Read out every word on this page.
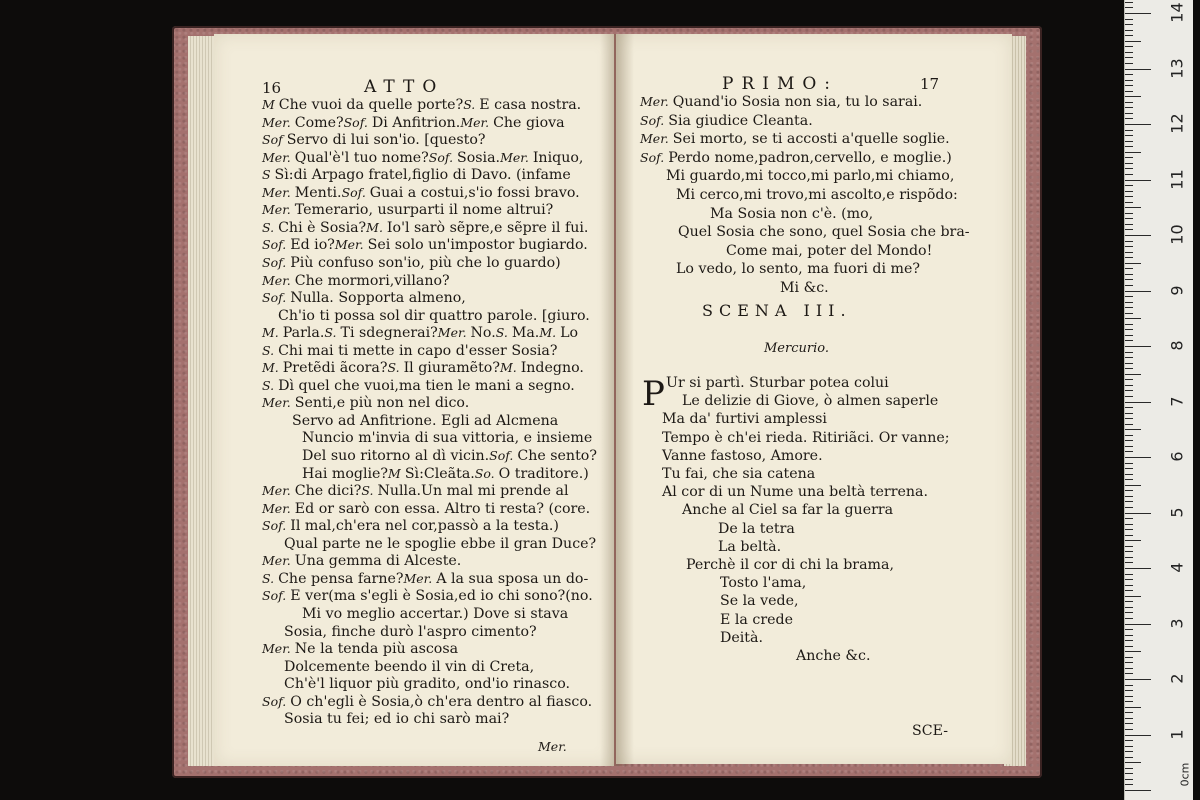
16	ATTO
M Che vuoi da quelle porte?S. E casa nostra.
Mer. Come?Sof. Di Anfitrion.Mer. Che giova
Sof Servo di lui son'io. [questo?
Mer. Qual'è'l tuo nome?Sof. Sosia.Mer. Iniquo,
S Sì:di Arpago fratel,figlio di Davo. (infame
Mer. Menti.Sof. Guai a costui,s'io fossi bravo.
Mer. Temerario, usurparti il nome altrui?
S. Chi è Sosia?M. Io'l sarò sẽpre,e sẽpre il fui.
Sof. Ed io?Mer. Sei solo un'impostor bugiardo.
Sof. Più confuso son'io, più che lo guardo)
Mer. Che mormori,villano?
Sof. Nulla. Sopporta almeno,
Ch'io ti possa sol dir quattro parole. [giuro.
M. Parla.S. Ti sdegnerai?Mer. No.S. Ma.M. Lo
S. Chi mai ti mette in capo d'esser Sosia?
M. Pretẽdi ãcora?S. Il giuramẽto?M. Indegno.
S. Dì quel che vuoi,ma tien le mani a segno.
Mer. Senti,e più non nel dico.
Servo ad Anfitrione. Egli ad Alcmena
Nuncio m'invia di sua vittoria, e insieme
Del suo ritorno al dì vicin.Sof. Che sento?
Hai moglie?M Sì:Cleãta.So. O traditore.)
Mer. Che dici?S. Nulla.Un mal mi prende al
Mer. Ed or sarò con essa. Altro ti resta? (core.
Sof. Il mal,ch'era nel cor,passò a la testa.)
Qual parte ne le spoglie ebbe il gran Duce?
Mer. Una gemma di Alceste.
S. Che pensa farne?Mer. A la sua sposa un do-
Sof. E ver(ma s'egli è Sosia,ed io chi sono?(no.
Mi vo meglio accertar.) Dove si stava
Sosia, finche durò l'aspro cimento?
Mer. Ne la tenda più ascosa
Dolcemente beendo il vin di Creta,
Ch'è'l liquor più gradito, ond'io rinasco.
Sof. O ch'egli è Sosia,ò ch'era dentro al fiasco.
Sosia tu fei; ed io chi sarò mai?
Mer.
PRIMO:	17
Mer. Quand'io Sosia non sia, tu lo sarai.
Sof. Sia giudice Cleanta.
Mer. Sei morto, se ti accosti a'quelle soglie.
Sof. Perdo nome,padron,cervello, e moglie.)
Mi guardo,mi tocco,mi parlo,mi chiamo,
Mi cerco,mi trovo,mi ascolto,e rispõdo:
Ma Sosia non c'è. (mo,
Quel Sosia che sono, quel Sosia che bra-
Come mai, poter del Mondo!
Lo vedo, lo sento, ma fuori di me?
Mi &c.
SCENA III.
Mercurio.
P Ur si partì. Sturbar potea colui
Le delizie di Giove, ò almen saperle
Ma da' furtivi amplessi
Tempo è ch'ei rieda. Ritiriãci. Or vanne;
Vanne fastoso, Amore.
Tu fai, che sia catena
Al cor di un Nume una beltà terrena.
Anche al Ciel sa far la guerra
De la tetra
La beltà.
Perchè il cor di chi la brama,
Tosto l'ama,
Se la vede,
E la crede
Deità.
Anche &c.
SCE-
14
13
12
11
10
9
8
7
6
5
4
3
2
1
0cm
